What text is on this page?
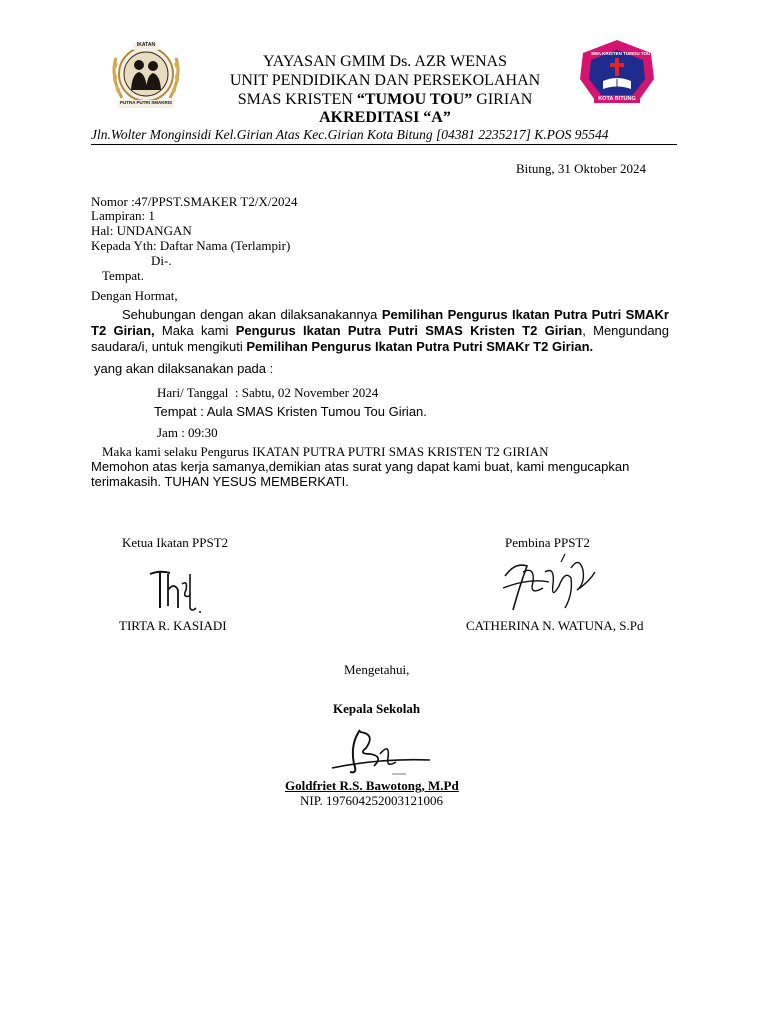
IKATAN
PUTRA PUTRI SMAKRIS
YAYASAN GMIM Ds. AZR WENAS
UNIT PENDIDIKAN DAN PERSEKOLAHAN
SMAS KRISTEN “TUMOU TOU” GIRIAN
AKREDITASI “A”
SMA KRISTEN TUMOU TOU
KOTA BITUNG
Jln.Wolter Monginsidi Kel.Girian Atas Kec.Girian Kota Bitung [04381 2235217] K.POS 95544
Bitung, 31 Oktober 2024
Nomor :47/PPST.SMAKER T2/X/2024
Lampiran: 1
Hal: UNDANGAN
Kepada Yth: Daftar Nama (Terlampir)
Di-.
Tempat.
Dengan Hormat,
Sehubungan dengan akan dilaksanakannya Pemilihan Pengurus Ikatan Putra Putri SMAKr T2 Girian, Maka kami Pengurus Ikatan Putra Putri SMAS Kristen T2 Girian, Mengundang saudara/i, untuk mengikuti Pemilihan Pengurus Ikatan Putra Putri SMAKr T2 Girian.
yang akan dilaksanakan pada :
Hari/ Tanggal  : Sabtu, 02 November 2024
Tempat : Aula SMAS Kristen Tumou Tou Girian.
Jam : 09:30
Maka kami selaku Pengurus IKATAN PUTRA PUTRI SMAS KRISTEN T2 GIRIAN
Memohon atas kerja samanya,demikian atas surat yang dapat kami buat, kami mengucapkan
terimakasih. TUHAN YESUS MEMBERKATI.
Ketua Ikatan PPST2
TIRTA R. KASIADI
Pembina PPST2
CATHERINA N. WATUNA, S.Pd
Mengetahui,
Kepala Sekolah
Goldfriet R.S. Bawotong, M.Pd
NIP. 197604252003121006
